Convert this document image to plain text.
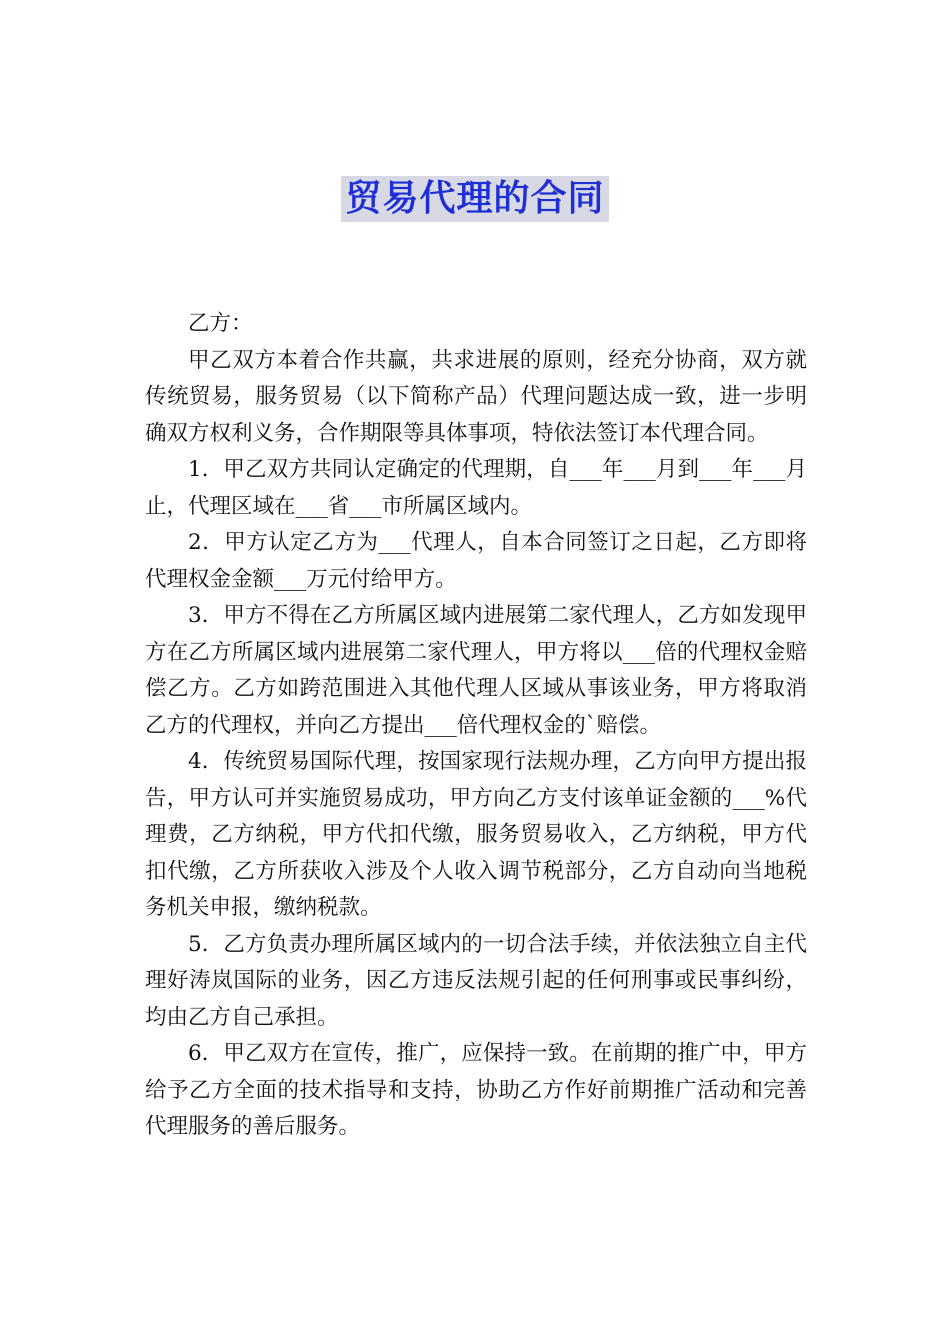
贸易代理的合同

乙方：

甲乙双方本着合作共赢，共求进展的原则，经充分协商，双方就传统贸易，服务贸易（以下简称产品）代理问题达成一致，进一步明确双方权利义务，合作期限等具体事项，特依法签订本代理合同。

1．甲乙双方共同认定确定的代理期，自___年___月到___年___月止，代理区域在___省___市所属区域内。

2．甲方认定乙方为___代理人，自本合同签订之日起，乙方即将代理权金金额___万元付给甲方。

3．甲方不得在乙方所属区域内进展第二家代理人，乙方如发现甲方在乙方所属区域内进展第二家代理人，甲方将以___倍的代理权金赔偿乙方。乙方如跨范围进入其他代理人区域从事该业务，甲方将取消乙方的代理权，并向乙方提出___倍代理权金的`赔偿。

4．传统贸易国际代理，按国家现行法规办理，乙方向甲方提出报告，甲方认可并实施贸易成功，甲方向乙方支付该单证金额的___%代理费，乙方纳税，甲方代扣代缴，服务贸易收入，乙方纳税，甲方代扣代缴，乙方所获收入涉及个人收入调节税部分，乙方自动向当地税务机关申报，缴纳税款。

5．乙方负责办理所属区域内的一切合法手续，并依法独立自主代理好涛岚国际的业务，因乙方违反法规引起的任何刑事或民事纠纷，均由乙方自己承担。

6．甲乙双方在宣传，推广，应保持一致。在前期的推广中，甲方给予乙方全面的技术指导和支持，协助乙方作好前期推广活动和完善代理服务的善后服务。
